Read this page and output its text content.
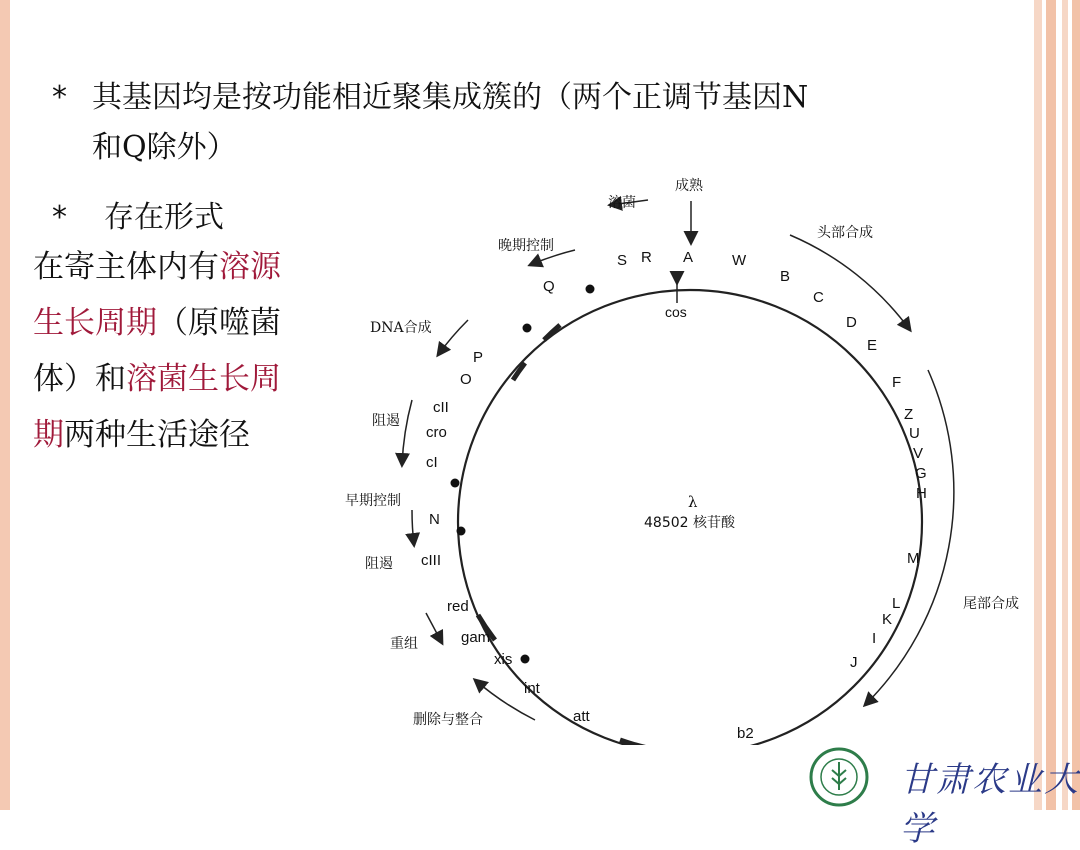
* 其基因均是按功能相近聚集成簇的（两个正调节基因N
和Q除外）
* 存在形式
在寄主体内有溶源
生长周期（原噬菌
体）和溶菌生长周
期两种生活途径
成熟
溶菌
头部合成
晚期控制
DNA合成
阻遏
早期控制
阻遏
重组
删除与整合
尾部合成
A
R
S	W
B
C
D
E
F
Z
U
V
G
H
M
L
K
I
J
b2
att
int
xis
gam
red
cIII
N
cI
cro
cII
O
P
Q
cos
λ
48502 核苷酸
甘肃农业大学
